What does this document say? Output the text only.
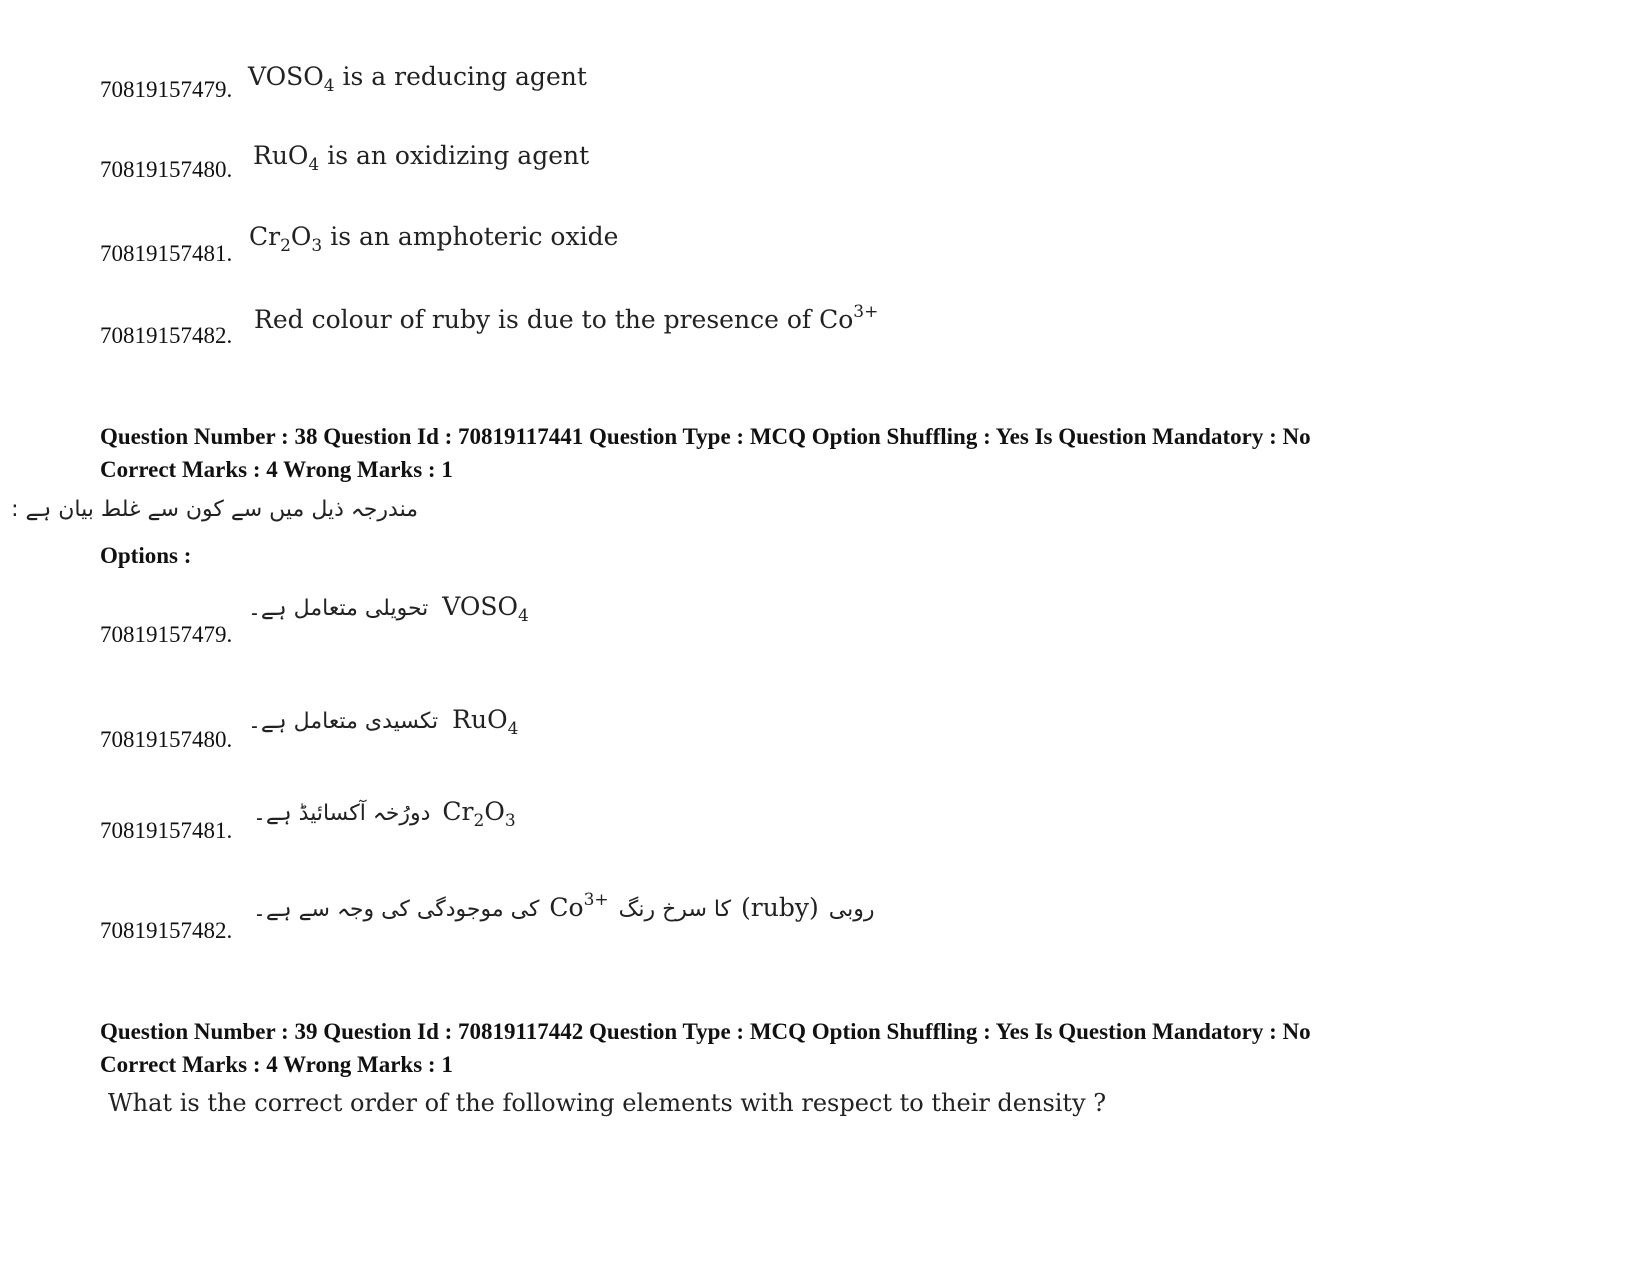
70819157479. $VOSO_4$ is a reducing agent
70819157480. RuO$_4$ is an oxidizing agent
70819157481.
$Cr_2O_3$ is an amphoteric oxide
70819157482.
Red colour of ruby is due to the presence of $Co^{3+}$
Question Number : 38 Question Id : 70819117441 Question Type : MCQ Option Shuffling : Yes Is Question Mandatory : No
Correct Marks : 4 Wrong Marks : 1
مندرجہ ذیل میں سے کون سے غلط بیان ہے :
Options :
70819157479.
تحویلی متعامل ہے۔ $VOSO_4$
70819157480.
تکسیدی متعامل ہے۔ RuO$_4$
70819157481.
دورُخہ آکسائیڈ ہے۔ $Cr_2O_3$
70819157482.
کی موجودگی کی وجہ سے ہے۔ $Co^{3+}$ کا سرخ رنگ (ruby) روبی
Question Number : 39 Question Id : 70819117442 Question Type : MCQ Option Shuffling : Yes Is Question Mandatory : No
Correct Marks : 4 Wrong Marks : 1
What is the correct order of the following elements with respect to their density ?
